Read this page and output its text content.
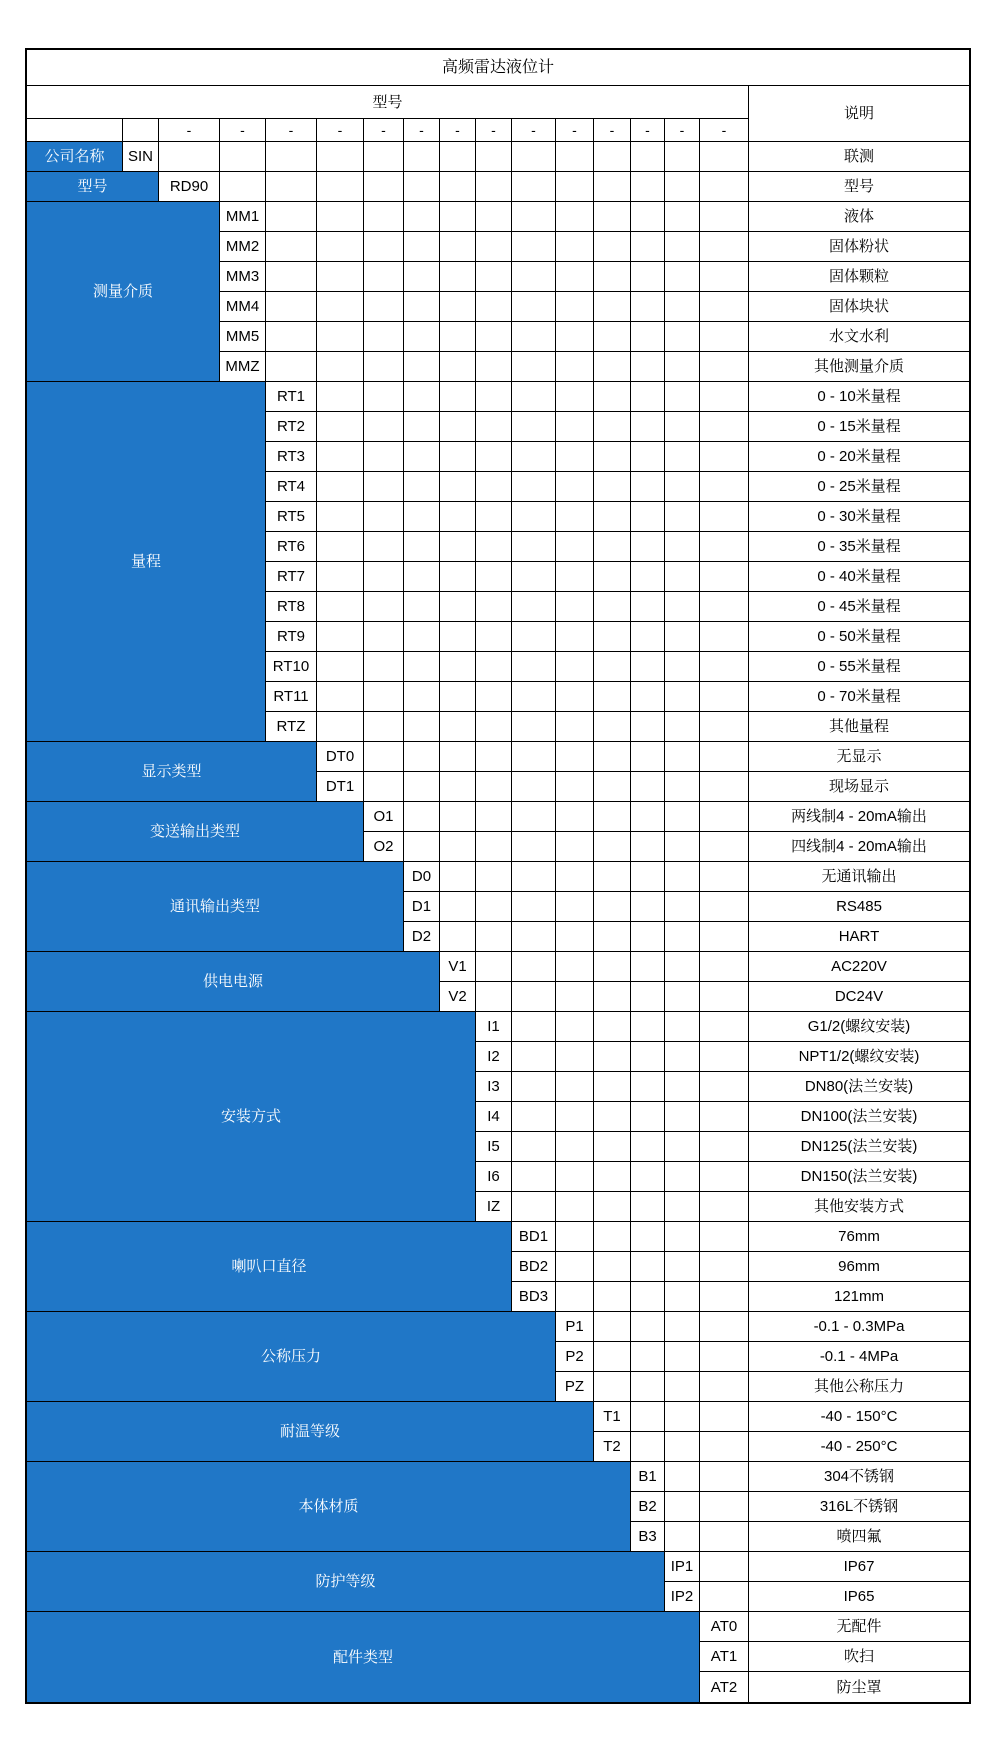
高频雷达液位计
型号
说明
-	-	-	-	-	-	-	-	-	-	-	-	-	-
公司名称	SIN	联测
型号	RD90	型号
测量介质
MM1	液体
MM2	固体粉状
MM3	固体颗粒
MM4	固体块状
MM5	水文水利
MMZ	其他测量介质
量程
RT1	0 - 10米量程
RT2	0 - 15米量程
RT3	0 - 20米量程
RT4	0 - 25米量程
RT5	0 - 30米量程
RT6	0 - 35米量程
RT7	0 - 40米量程
RT8	0 - 45米量程
RT9	0 - 50米量程
RT10	0 - 55米量程
RT11	0 - 70米量程
RTZ	其他量程
显示类型
DT0	无显示
DT1	现场显示
变送输出类型
O1	两线制4 - 20mA输出
O2	四线制4 - 20mA输出
通讯输出类型
D0	无通讯输出
D1	RS485
D2	HART
供电电源
V1	AC220V
V2	DC24V
安装方式
I1	G1/2(螺纹安装)
I2	NPT1/2(螺纹安装)
I3	DN80(法兰安装)
I4	DN100(法兰安装)
I5	DN125(法兰安装)
I6	DN150(法兰安装)
IZ	其他安装方式
喇叭口直径
BD1	76mm
BD2	96mm
BD3	121mm
公称压力
P1	-0.1 - 0.3MPa
P2	-0.1 - 4MPa
PZ	其他公称压力
耐温等级
T1	-40 - 150°C
T2	-40 - 250°C
本体材质
B1	304不锈钢
B2	316L不锈钢
B3	喷四氟
防护等级
IP1	IP67
IP2	IP65
配件类型
AT0	无配件
AT1	吹扫
AT2	防尘罩
